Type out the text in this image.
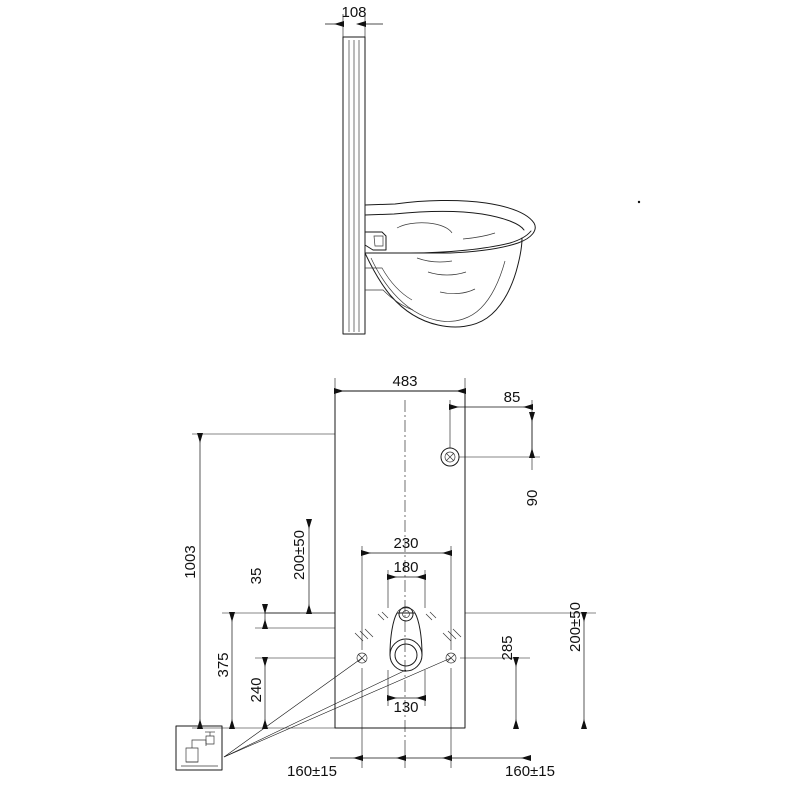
108
483
85
90
1003	200±50
35
230
180
130
375
240
285	200±50
160±15	160±15
